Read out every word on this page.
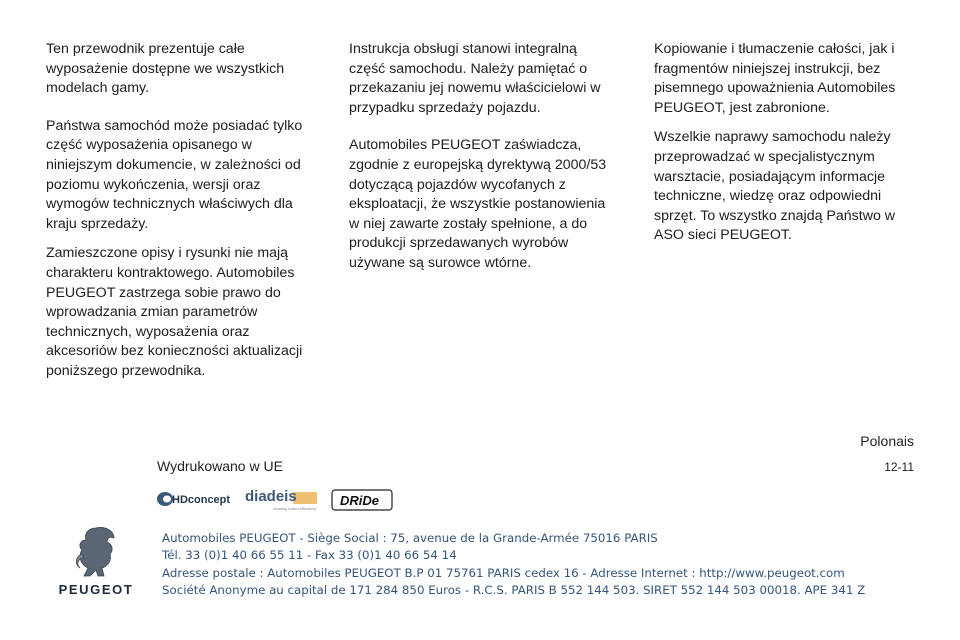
Ten przewodnik prezentuje całe wyposażenie dostępne we wszystkich modelach gamy.

Państwa samochód może posiadać tylko część wyposażenia opisanego w niniejszym dokumencie, w zależności od poziomu wykończenia, wersji oraz wymogów technicznych właściwych dla kraju sprzedaży.

Zamieszczone opisy i rysunki nie mają charakteru kontraktowego. Automobiles PEUGEOT zastrzega sobie prawo do wprowadzania zmian parametrów technicznych, wyposażenia oraz akcesoriów bez konieczności aktualizacji poniższego przewodnika.

Instrukcja obsługi stanowi integralną część samochodu. Należy pamiętać o przekazaniu jej nowemu właścicielowi w przypadku sprzedaży pojazdu.

Automobiles PEUGEOT zaświadcza, zgodnie z europejską dyrektywą 2000/53 dotyczącą pojazdów wycofanych z eksploatacji, że wszystkie postanowienia w niej zawarte zostały spełnione, a do produkcji sprzedawanych wyrobów używane są surowce wtórne.

Kopiowanie i tłumaczenie całości, jak i fragmentów niniejszej instrukcji, bez pisemnego upoważnienia Automobiles PEUGEOT, jest zabronione.

Wszelkie naprawy samochodu należy przeprowadzać w specjalistycznym warsztacie, posiadającym informacje techniczne, wiedzę oraz odpowiedni sprzęt. To wszystko znajdą Państwo w ASO sieci PEUGEOT.

Polonais
12-11
Wydrukowano w UE
HDconcept diadeis
creating brand efficiency
DRiDe
PEUGEOT
Automobiles PEUGEOT - Siège Social : 75, avenue de la Grande-Armée 75016 PARIS
Tél. 33 (0)1 40 66 55 11 - Fax 33 (0)1 40 66 54 14
Adresse postale : Automobiles PEUGEOT B.P 01 75761 PARIS cedex 16 - Adresse Internet : http://www.peugeot.com
Société Anonyme au capital de 171 284 850 Euros - R.C.S. PARIS B 552 144 503. SIRET 552 144 503 00018. APE 341 Z
